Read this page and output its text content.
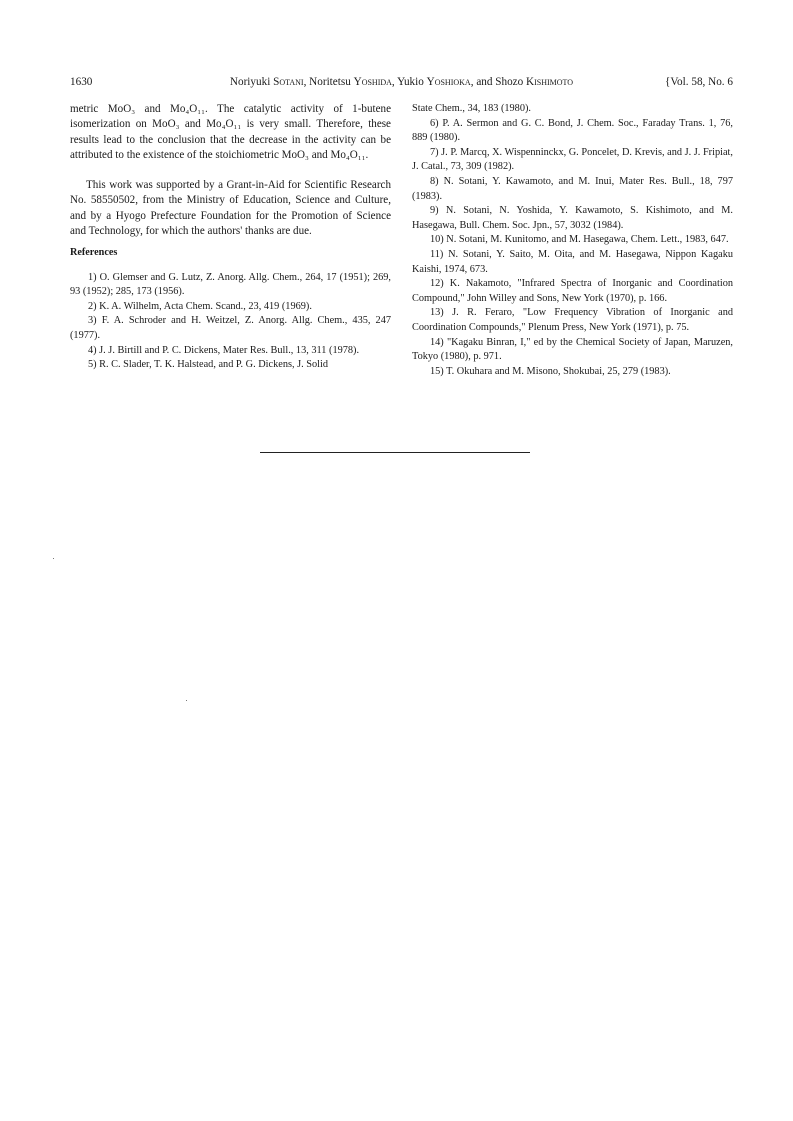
1630	Noriyuki Sotani, Noritetsu Yoshida, Yukio Yoshioka, and Shozo Kishimoto	{Vol. 58, No. 6

metric MoO₃ and Mo₄O₁₁. The catalytic activity of 1-butene isomerization on MoO₃ and Mo₄O₁₁ is very small. Therefore, these results lead to the conclusion that the decrease in the activity can be attributed to the existence of the stoichiometric MoO₃ and Mo₄O₁₁.

This work was supported by a Grant-in-Aid for Scientific Research No. 58550502, from the Ministry of Education, Science and Culture, and by a Hyogo Prefecture Foundation for the Promotion of Science and Technology, for which the authors' thanks are due.

References

1) O. Glemser and G. Lutz, Z. Anorg. Allg. Chem., 264, 17 (1951); 269, 93 (1952); 285, 173 (1956).

2) K. A. Wilhelm, Acta Chem. Scand., 23, 419 (1969).

3) F. A. Schroder and H. Weitzel, Z. Anorg. Allg. Chem., 435, 247 (1977).

4) J. J. Birtill and P. C. Dickens, Mater Res. Bull., 13, 311 (1978).

5) R. C. Slader, T. K. Halstead, and P. G. Dickens, J. Solid

State Chem., 34, 183 (1980).

6) P. A. Sermon and G. C. Bond, J. Chem. Soc., Faraday Trans. 1, 76, 889 (1980).

7) J. P. Marcq, X. Wispenninckx, G. Poncelet, D. Krevis, and J. J. Fripiat, J. Catal., 73, 309 (1982).

8) N. Sotani, Y. Kawamoto, and M. Inui, Mater Res. Bull., 18, 797 (1983).

9) N. Sotani, N. Yoshida, Y. Kawamoto, S. Kishimoto, and M. Hasegawa, Bull. Chem. Soc. Jpn., 57, 3032 (1984).

10) N. Sotani, M. Kunitomo, and M. Hasegawa, Chem. Lett., 1983, 647.

11) N. Sotani, Y. Saito, M. Oita, and M. Hasegawa, Nippon Kagaku Kaishi, 1974, 673.

12) K. Nakamoto, "Infrared Spectra of Inorganic and Coordination Compound," John Willey and Sons, New York (1970), p. 166.

13) J. R. Feraro, "Low Frequency Vibration of Inorganic and Coordination Compounds," Plenum Press, New York (1971), p. 75.

14) "Kagaku Binran, I," ed by the Chemical Society of Japan, Maruzen, Tokyo (1980), p. 971.

15) T. Okuhara and M. Misono, Shokubai, 25, 279 (1983).
